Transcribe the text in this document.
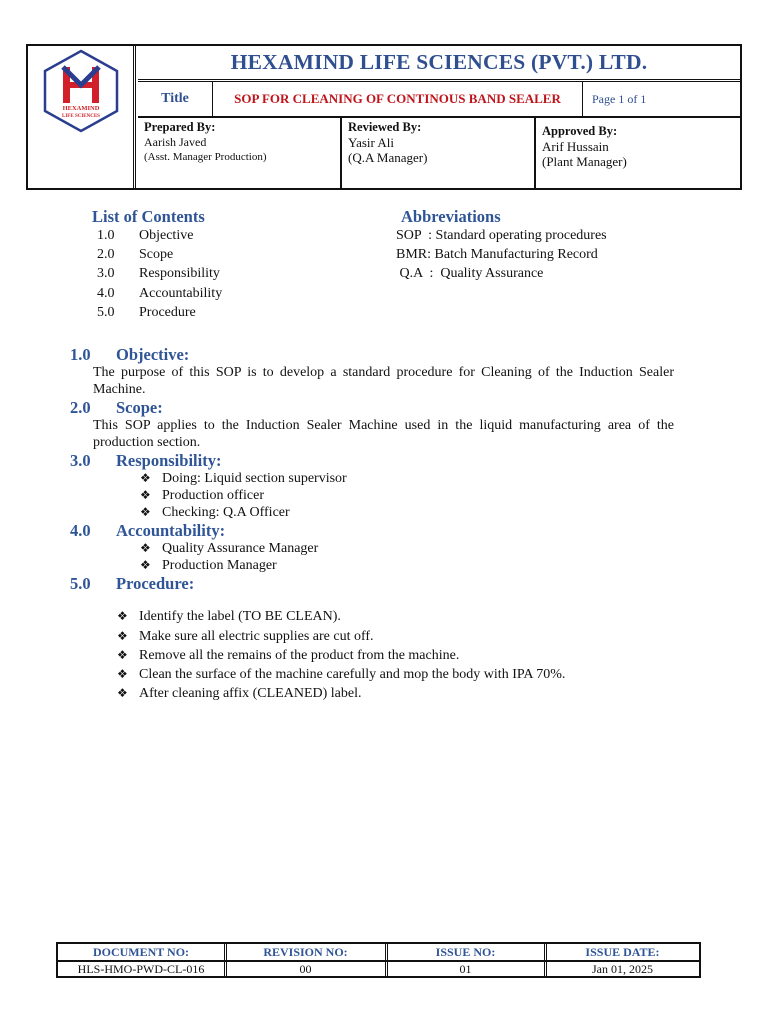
HEXAMIND
LIFE SCIENCES
HEXAMIND LIFE SCIENCES (PVT.) LTD.
Title	SOP FOR CLEANING OF CONTINOUS BAND SEALER	Page 1 of 1
Prepared By:
Aarish Javed
(Asst. Manager Production)
Reviewed By:
Yasir Ali
(Q.A Manager)
Approved By:
Arif Hussain
(Plant Manager)
List of Contents	Abbreviations
1.0 Objective
2.0 Scope
3.0 Responsibility
4.0 Accountability
5.0 Procedure
SOP  : Standard operating procedures
BMR: Batch Manufacturing Record
Q.A  :  Quality Assurance
1.0 Objective:
The purpose of this SOP is to develop a standard procedure for Cleaning of the Induction Sealer Machine.
2.0 Scope:
This SOP applies to the Induction Sealer Machine used in the liquid manufacturing area of the production section.
3.0 Responsibility:
❖ Doing: Liquid section supervisor
❖ Production officer
❖ Checking: Q.A Officer
4.0 Accountability:
❖ Quality Assurance Manager
❖ Production Manager
5.0 Procedure:
❖ Identify the label (TO BE CLEAN).
❖ Make sure all electric supplies are cut off.
❖ Remove all the remains of the product from the machine.
❖ Clean the surface of the machine carefully and mop the body with IPA 70%.
❖ After cleaning affix (CLEANED) label.
DOCUMENT NO:	REVISION NO:	ISSUE NO:	ISSUE DATE:
HLS-HMO-PWD-CL-016	00	01	Jan 01, 2025
